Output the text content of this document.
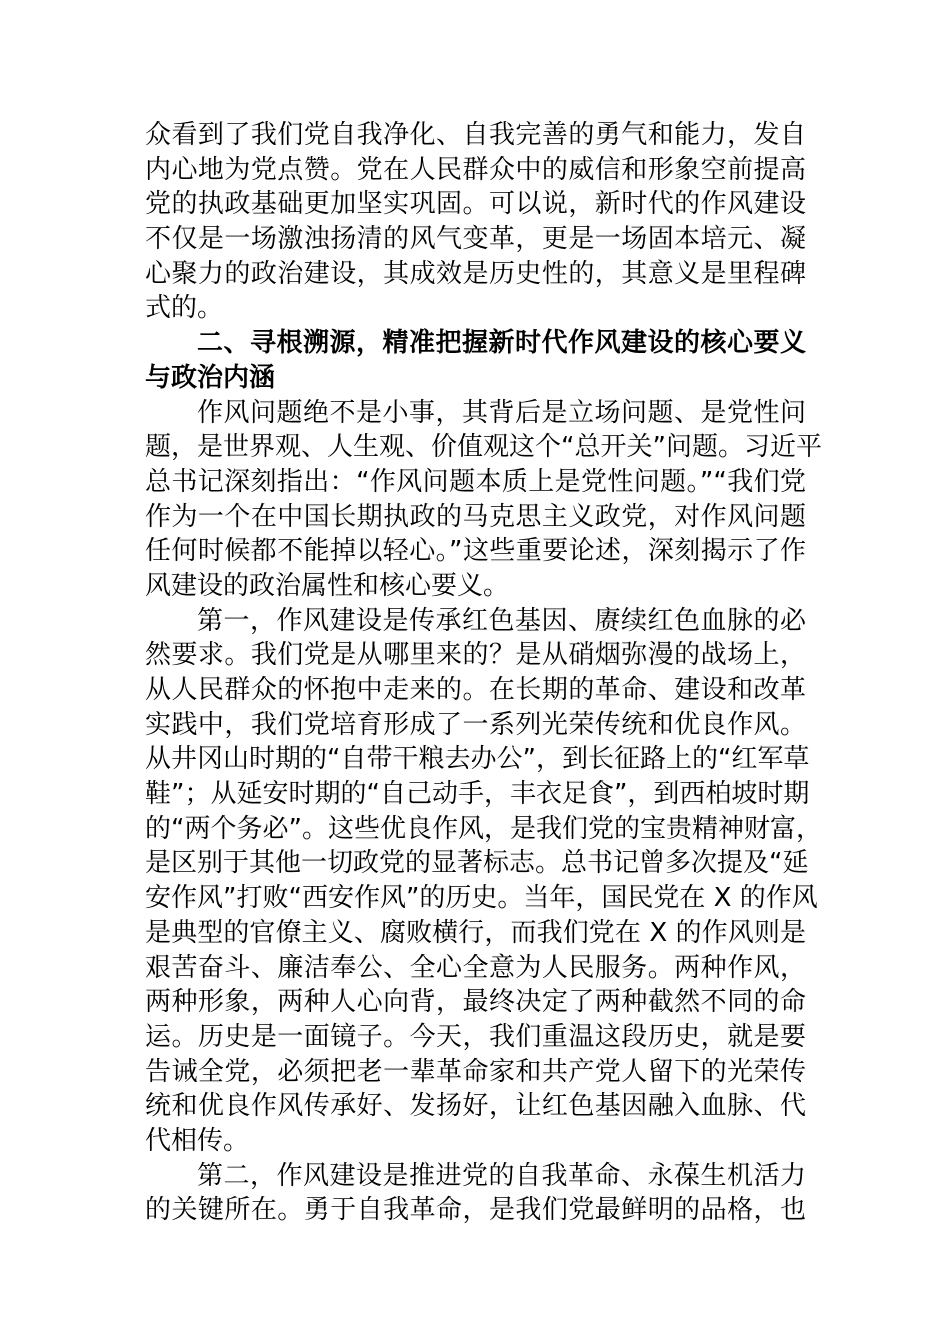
众看到了我们党自我净化、自我完善的勇气和能力，发自
内心地为党点赞。党在人民群众中的威信和形象空前提高
党的执政基础更加坚实巩固。可以说，新时代的作风建设
不仅是一场激浊扬清的风气变革，更是一场固本培元、凝
心聚力的政治建设，其成效是历史性的，其意义是里程碑
式的。
二、寻根溯源，精准把握新时代作风建设的核心要义
与政治内涵
作风问题绝不是小事，其背后是立场问题、是党性问
题，是世界观、人生观、价值观这个“总开关”问题。习近平
总书记深刻指出：“作风问题本质上是党性问题。”“我们党
作为一个在中国长期执政的马克思主义政党，对作风问题
任何时候都不能掉以轻心。”这些重要论述，深刻揭示了作
风建设的政治属性和核心要义。
第一，作风建设是传承红色基因、赓续红色血脉的必
然要求。我们党是从哪里来的？是从硝烟弥漫的战场上，
从人民群众的怀抱中走来的。在长期的革命、建设和改革
实践中，我们党培育形成了一系列光荣传统和优良作风。
从井冈山时期的“自带干粮去办公”，到长征路上的“红军草
鞋”；从延安时期的“自己动手，丰衣足食”，到西柏坡时期
的“两个务必”。这些优良作风，是我们党的宝贵精神财富，
是区别于其他一切政党的显著标志。总书记曾多次提及“延
安作风”打败“西安作风”的历史。当年，国民党在 X 的作风
是典型的官僚主义、腐败横行，而我们党在 X 的作风则是
艰苦奋斗、廉洁奉公、全心全意为人民服务。两种作风，
两种形象，两种人心向背，最终决定了两种截然不同的命
运。历史是一面镜子。今天，我们重温这段历史，就是要
告诫全党，必须把老一辈革命家和共产党人留下的光荣传
统和优良作风传承好、发扬好，让红色基因融入血脉、代
代相传。
第二，作风建设是推进党的自我革命、永葆生机活力
的关键所在。勇于自我革命，是我们党最鲜明的品格，也
